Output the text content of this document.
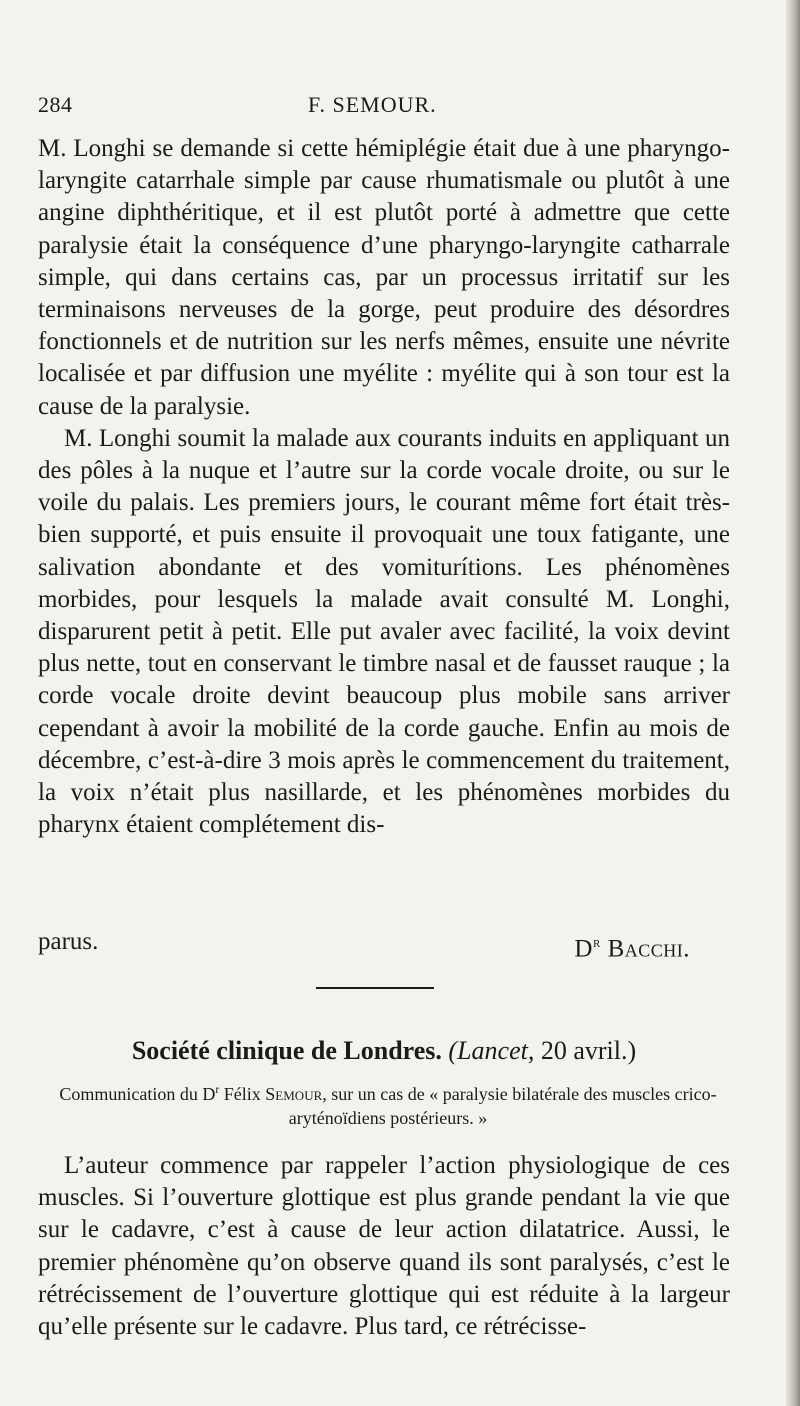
284	F. SEMOUR.

M. Longhi se demande si cette hémiplégie était due à une pharyngo-laryngite catarrhale simple par cause rhumatismale ou plutôt à une angine diphthéritique, et il est plutôt porté à admettre que cette paralysie était la conséquence d’une pharyngo-laryngite catharrale simple, qui dans certains cas, par un processus irritatif sur les terminaisons nerveuses de la gorge, peut produire des désordres fonctionnels et de nutrition sur les nerfs mêmes, ensuite une névrite localisée et par diffusion une myélite : myélite qui à son tour est la cause de la paralysie.

M. Longhi soumit la malade aux courants induits en appliquant un des pôles à la nuque et l’autre sur la corde vocale droite, ou sur le voile du palais. Les premiers jours, le courant même fort était très-bien supporté, et puis ensuite il provoquait une toux fatigante, une salivation abondante et des vomiturítions. Les phénomènes morbides, pour lesquels la malade avait consulté M. Longhi, disparurent petit à petit. Elle put avaler avec facilité, la voix devint plus nette, tout en conservant le timbre nasal et de fausset rauque ; la corde vocale droite devint beaucoup plus mobile sans arriver cependant à avoir la mobilité de la corde gauche. Enfin au mois de décembre, c’est-à-dire 3 mois après le commencement du traitement, la voix n’était plus nasillarde, et les phénomènes morbides du pharynx étaient complétement dis-

parus.	$D^r$ Bacchi.
Société clinique de Londres. (Lancet, 20 avril.)
Communication du $D^r$ Félix Semour, sur un cas de « paralysie bilatérale des muscles crico-aryténoïdiens postérieurs. »

L’auteur commence par rappeler l’action physiologique de ces muscles. Si l’ouverture glottique est plus grande pendant la vie que sur le cadavre, c’est à cause de leur action dilatatrice. Aussi, le premier phénomène qu’on observe quand ils sont paralysés, c’est le rétrécissement de l’ouverture glottique qui est réduite à la largeur qu’elle présente sur le cadavre. Plus tard, ce rétrécisse-
